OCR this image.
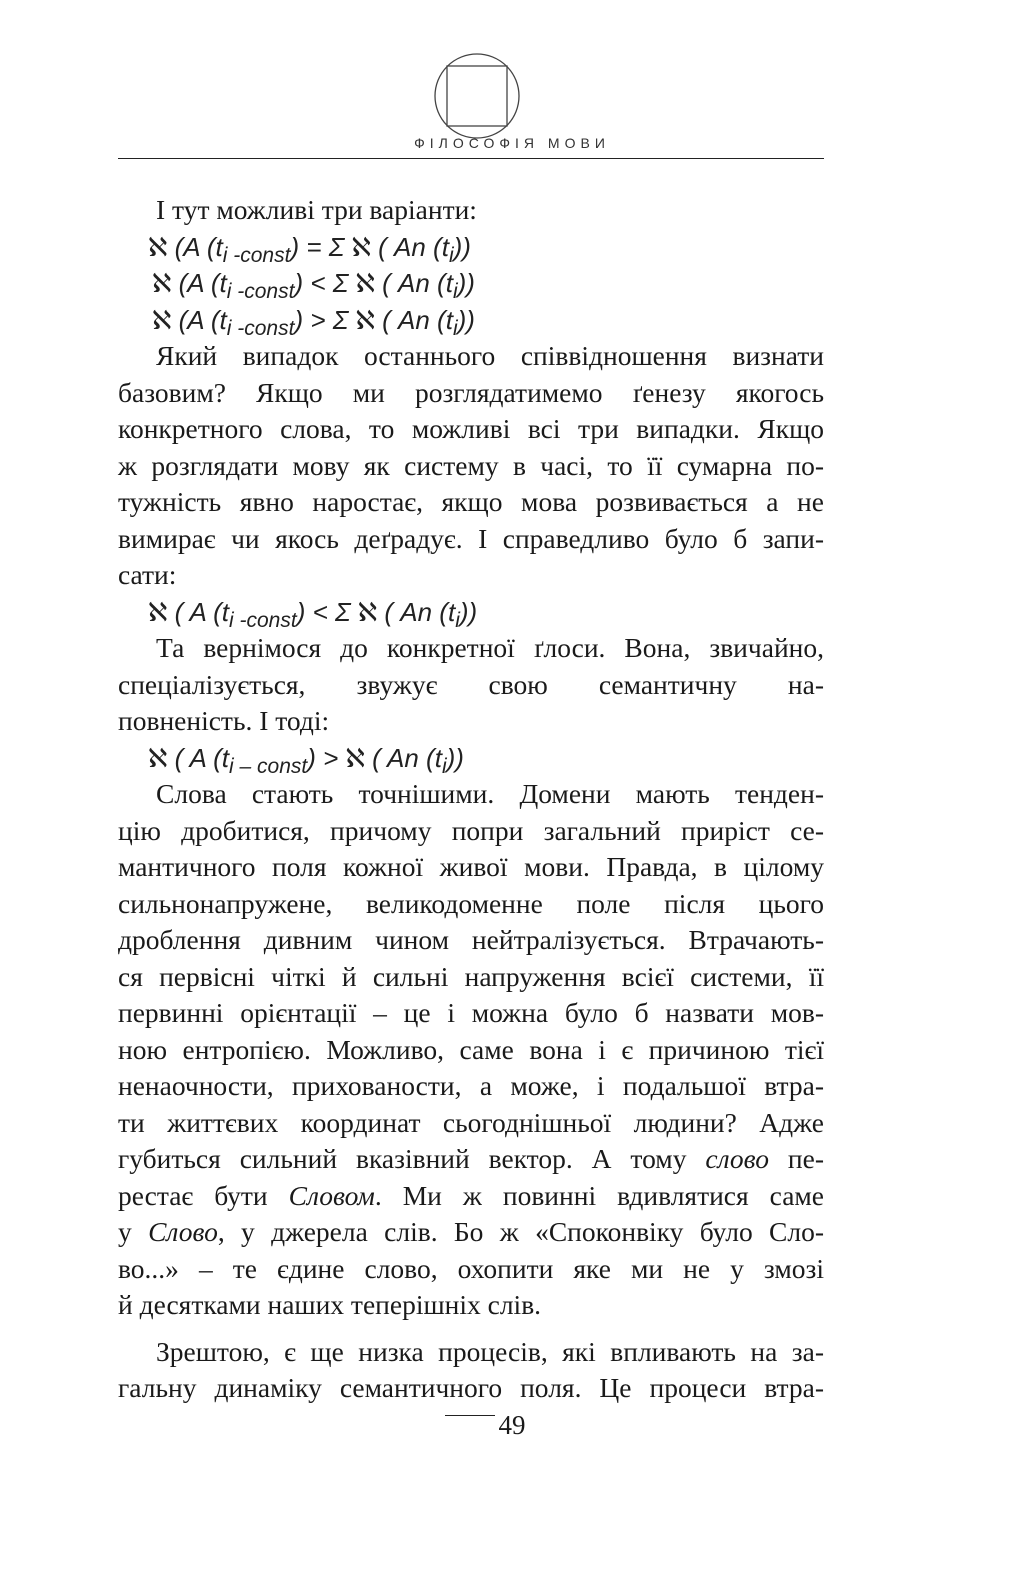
ФІЛОСОФІЯ МОВИ
І тут можливі три варіанти:
ℵ (A $(t_{i -const}) = \Sigma$ ℵ ( An $(t_i)$)
ℵ (A $(t_{i -const}) < \Sigma$ ℵ ( An $(t_i)$)
ℵ (A $(t_{i -const}) > \Sigma$ ℵ ( An $(t_i)$)
Який випадок останнього співвідношення визнати
базовим? Якщо ми розглядатимемо ґенезу якогось
конкретного слова, то можливі всі три випадки. Якщо
ж розглядати мову як систему в часі, то її сумарна по-
тужність явно наростає, якщо мова розвивається а не
вимирає чи якось деґрадує. І справедливо було б запи-
сати:
ℵ ( A $(t_{i -const}) < \Sigma$ ℵ ( An $(t_i)$)
Та вернімося до конкретної ґлоси. Вона, звичайно,
спеціалізується, звужує свою семантичну на-
повненість. І тоді:
ℵ ( A $(t_{i - const})$ > ℵ ( An $(t_i)$)
Слова стають точнішими. Домени мають тенден-
цію дробитися, причому попри загальний приріст се-
мантичного поля кожної живої мови. Правда, в цілому
сильнонапружене, великодоменне поле після цього
дроблення дивним чином нейтралізується. Втрачають-
ся первісні чіткі й сильні напруження всієї системи, її
первинні орієнтації – це і можна було б назвати мов-
ною ентропією. Можливо, саме вона і є причиною тієї
ненаочности, прихованости, а може, і подальшої втра-
ти життєвих координат сьогоднішньої людини? Адже
губиться сильний вказівний вектор. А тому слово пе-
рестає бути Словом. Ми ж повинні вдивлятися саме
у Слово, у джерела слів. Бо ж «Споконвіку було Сло-
во...» – те єдине слово, охопити яке ми не у змозі
й десятками наших теперішніх слів.
Зрештою, є ще низка процесів, які впливають на за-
гальну динаміку семантичного поля. Це процеси втра-
49
